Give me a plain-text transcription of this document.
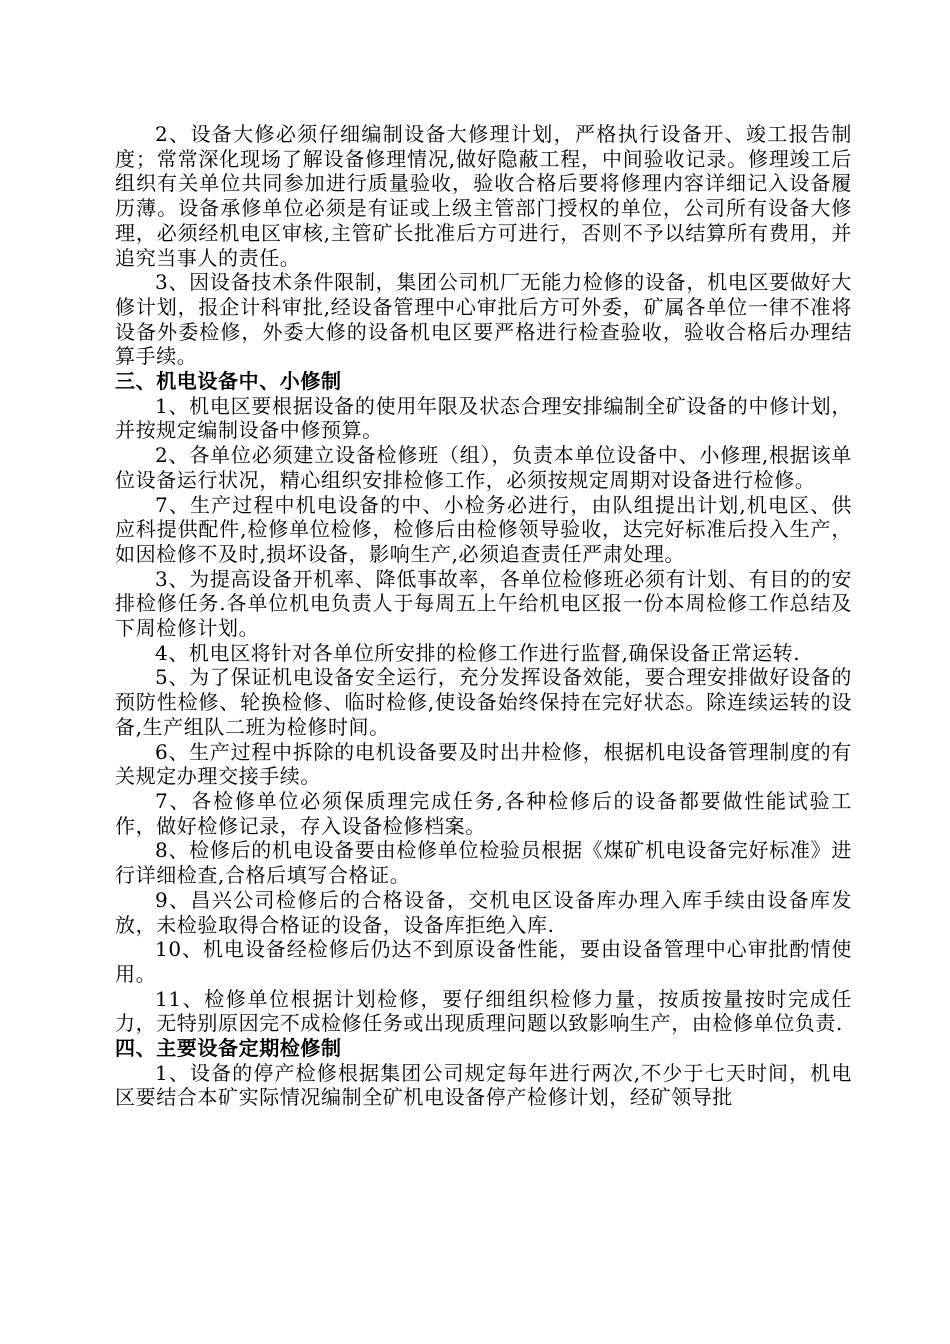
2、设备大修必须仔细编制设备大修理计划，严格执行设备开、竣工报告制度；常常深化现场了解设备修理情况,做好隐蔽工程，中间验收记录。修理竣工后组织有关单位共同参加进行质量验收，验收合格后要将修理内容详细记入设备履历薄。设备承修单位必须是有证或上级主管部门授权的单位，公司所有设备大修理，必须经机电区审核,主管矿长批准后方可进行，否则不予以结算所有费用，并追究当事人的责任。

3、因设备技术条件限制，集团公司机厂无能力检修的设备，机电区要做好大修计划，报企计科审批,经设备管理中心审批后方可外委，矿属各单位一律不准将设备外委检修，外委大修的设备机电区要严格进行检查验收，验收合格后办理结算手续。

三、机电设备中、小修制

1、机电区要根据设备的使用年限及状态合理安排编制全矿设备的中修计划，并按规定编制设备中修预算。

2、各单位必须建立设备检修班（组），负责本单位设备中、小修理,根据该单位设备运行状况，精心组织安排检修工作，必须按规定周期对设备进行检修。

7、生产过程中机电设备的中、小检务必进行，由队组提出计划,机电区、供应科提供配件,检修单位检修，检修后由检修领导验收，达完好标准后投入生产，如因检修不及时,损坏设备，影响生产,必须追查责任严肃处理。

3、为提高设备开机率、降低事故率，各单位检修班必须有计划、有目的的安排检修任务.各单位机电负责人于每周五上午给机电区报一份本周检修工作总结及下周检修计划。

4、机电区将针对各单位所安排的检修工作进行监督,确保设备正常运转.

5、为了保证机电设备安全运行，充分发挥设备效能，要合理安排做好设备的预防性检修、轮换检修、临时检修,使设备始终保持在完好状态。除连续运转的设备,生产组队二班为检修时间。

6、生产过程中拆除的电机设备要及时出井检修，根据机电设备管理制度的有关规定办理交接手续。

7、各检修单位必须保质理完成任务,各种检修后的设备都要做性能试验工作，做好检修记录，存入设备检修档案。

8、检修后的机电设备要由检修单位检验员根据《煤矿机电设备完好标准》进行详细检查,合格后填写合格证。

9、昌兴公司检修后的合格设备，交机电区设备库办理入库手续由设备库发放，未检验取得合格证的设备，设备库拒绝入库.

10、机电设备经检修后仍达不到原设备性能，要由设备管理中心审批酌情使用。

11、检修单位根据计划检修，要仔细组织检修力量，按质按量按时完成任力，无特别原因完不成检修任务或出现质理问题以致影响生产，由检修单位负责.

四、主要设备定期检修制

1、设备的停产检修根据集团公司规定每年进行两次,不少于七天时间，机电区要结合本矿实际情况编制全矿机电设备停产检修计划，经矿领导批
